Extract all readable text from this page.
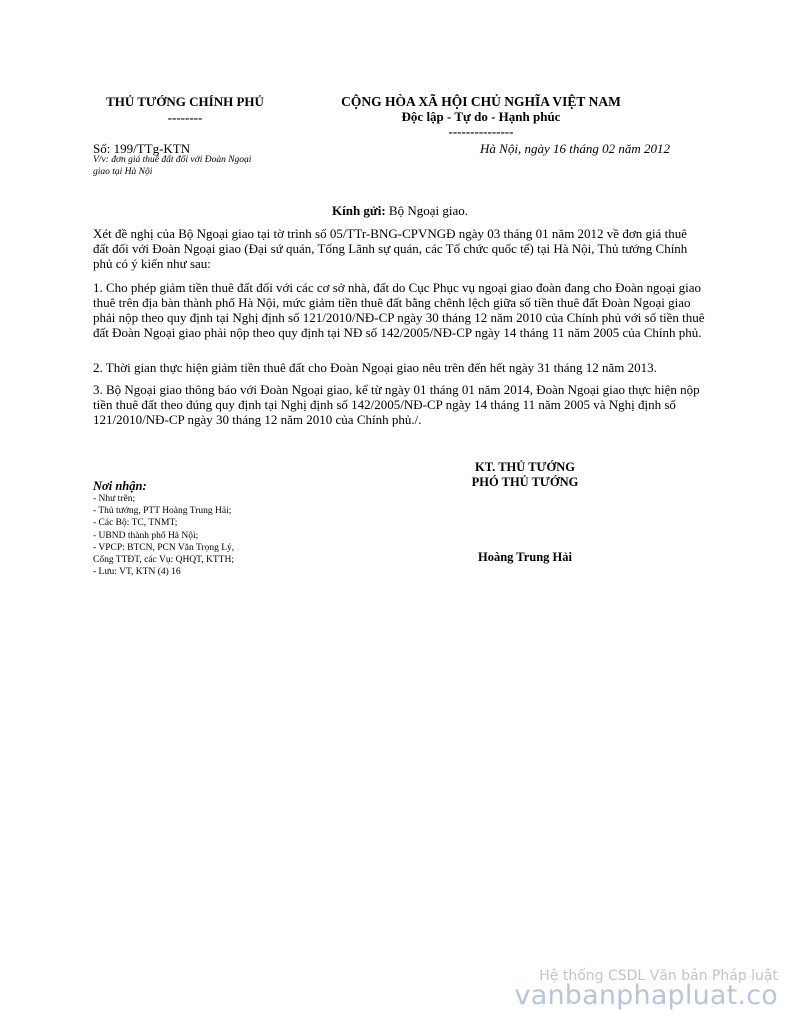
THỦ TƯỚNG CHÍNH PHỦ
--------
CỘNG HÒA XÃ HỘI CHỦ NGHĨA VIỆT NAM
Độc lập - Tự do - Hạnh phúc
---------------
Số: 199/TTg-KTN	Hà Nội, ngày 16 tháng 02 năm 2012
V/v: đơn giá thuê đất đối với Đoàn Ngoại
giao tại Hà Nội
Kính gửi: Bộ Ngoại giao.

Xét đề nghị của Bộ Ngoại giao tại tờ trình số 05/TTr-BNG-CPVNGĐ ngày 03 tháng 01 năm 2012 về đơn giá thuê đất đối với Đoàn Ngoại giao (Đại sứ quán, Tổng Lãnh sự quán, các Tổ chức quốc tế) tại Hà Nội, Thủ tướng Chính phủ có ý kiến như sau:

1. Cho phép giảm tiền thuê đất đối với các cơ sở nhà, đất do Cục Phục vụ ngoại giao đoàn đang cho Đoàn ngoại giao thuê trên địa bàn thành phố Hà Nội, mức giảm tiền thuê đất bằng chênh lệch giữa số tiền thuê đất Đoàn Ngoại giao phải nộp theo quy định tại Nghị định số 121/2010/NĐ-CP ngày 30 tháng 12 năm 2010 của Chính phủ với số tiền thuê đất Đoàn Ngoại giao phải nộp theo quy định tại NĐ số 142/2005/NĐ-CP ngày 14 tháng 11 năm 2005 của Chính phủ.

2. Thời gian thực hiện giảm tiền thuê đất cho Đoàn Ngoại giao nêu trên đến hết ngày 31 tháng 12 năm 2013.

3. Bộ Ngoại giao thông báo với Đoàn Ngoại giao, kể từ ngày 01 tháng 01 năm 2014, Đoàn Ngoại giao thực hiện nộp tiền thuê đất theo đúng quy định tại Nghị định số 142/2005/NĐ-CP ngày 14 tháng 11 năm 2005 và Nghị định số 121/2010/NĐ-CP ngày 30 tháng 12 năm 2010 của Chính phủ./.

KT. THỦ TƯỚNG
PHÓ THỦ TƯỚNG
Hoàng Trung Hải
Nơi nhận:
- Như trên;
- Thủ tướng, PTT Hoàng Trung Hải;
- Các Bộ: TC, TNMT;
- UBND thành phố Hà Nội;
- VPCP: BTCN, PCN Văn Trọng Lý,
Cổng TTĐT, các Vụ: QHQT, KTTH;
- Lưu: VT, KTN (4) 16
Hệ thống CSDL Văn bản Pháp luật
vanbanphapluat.co
